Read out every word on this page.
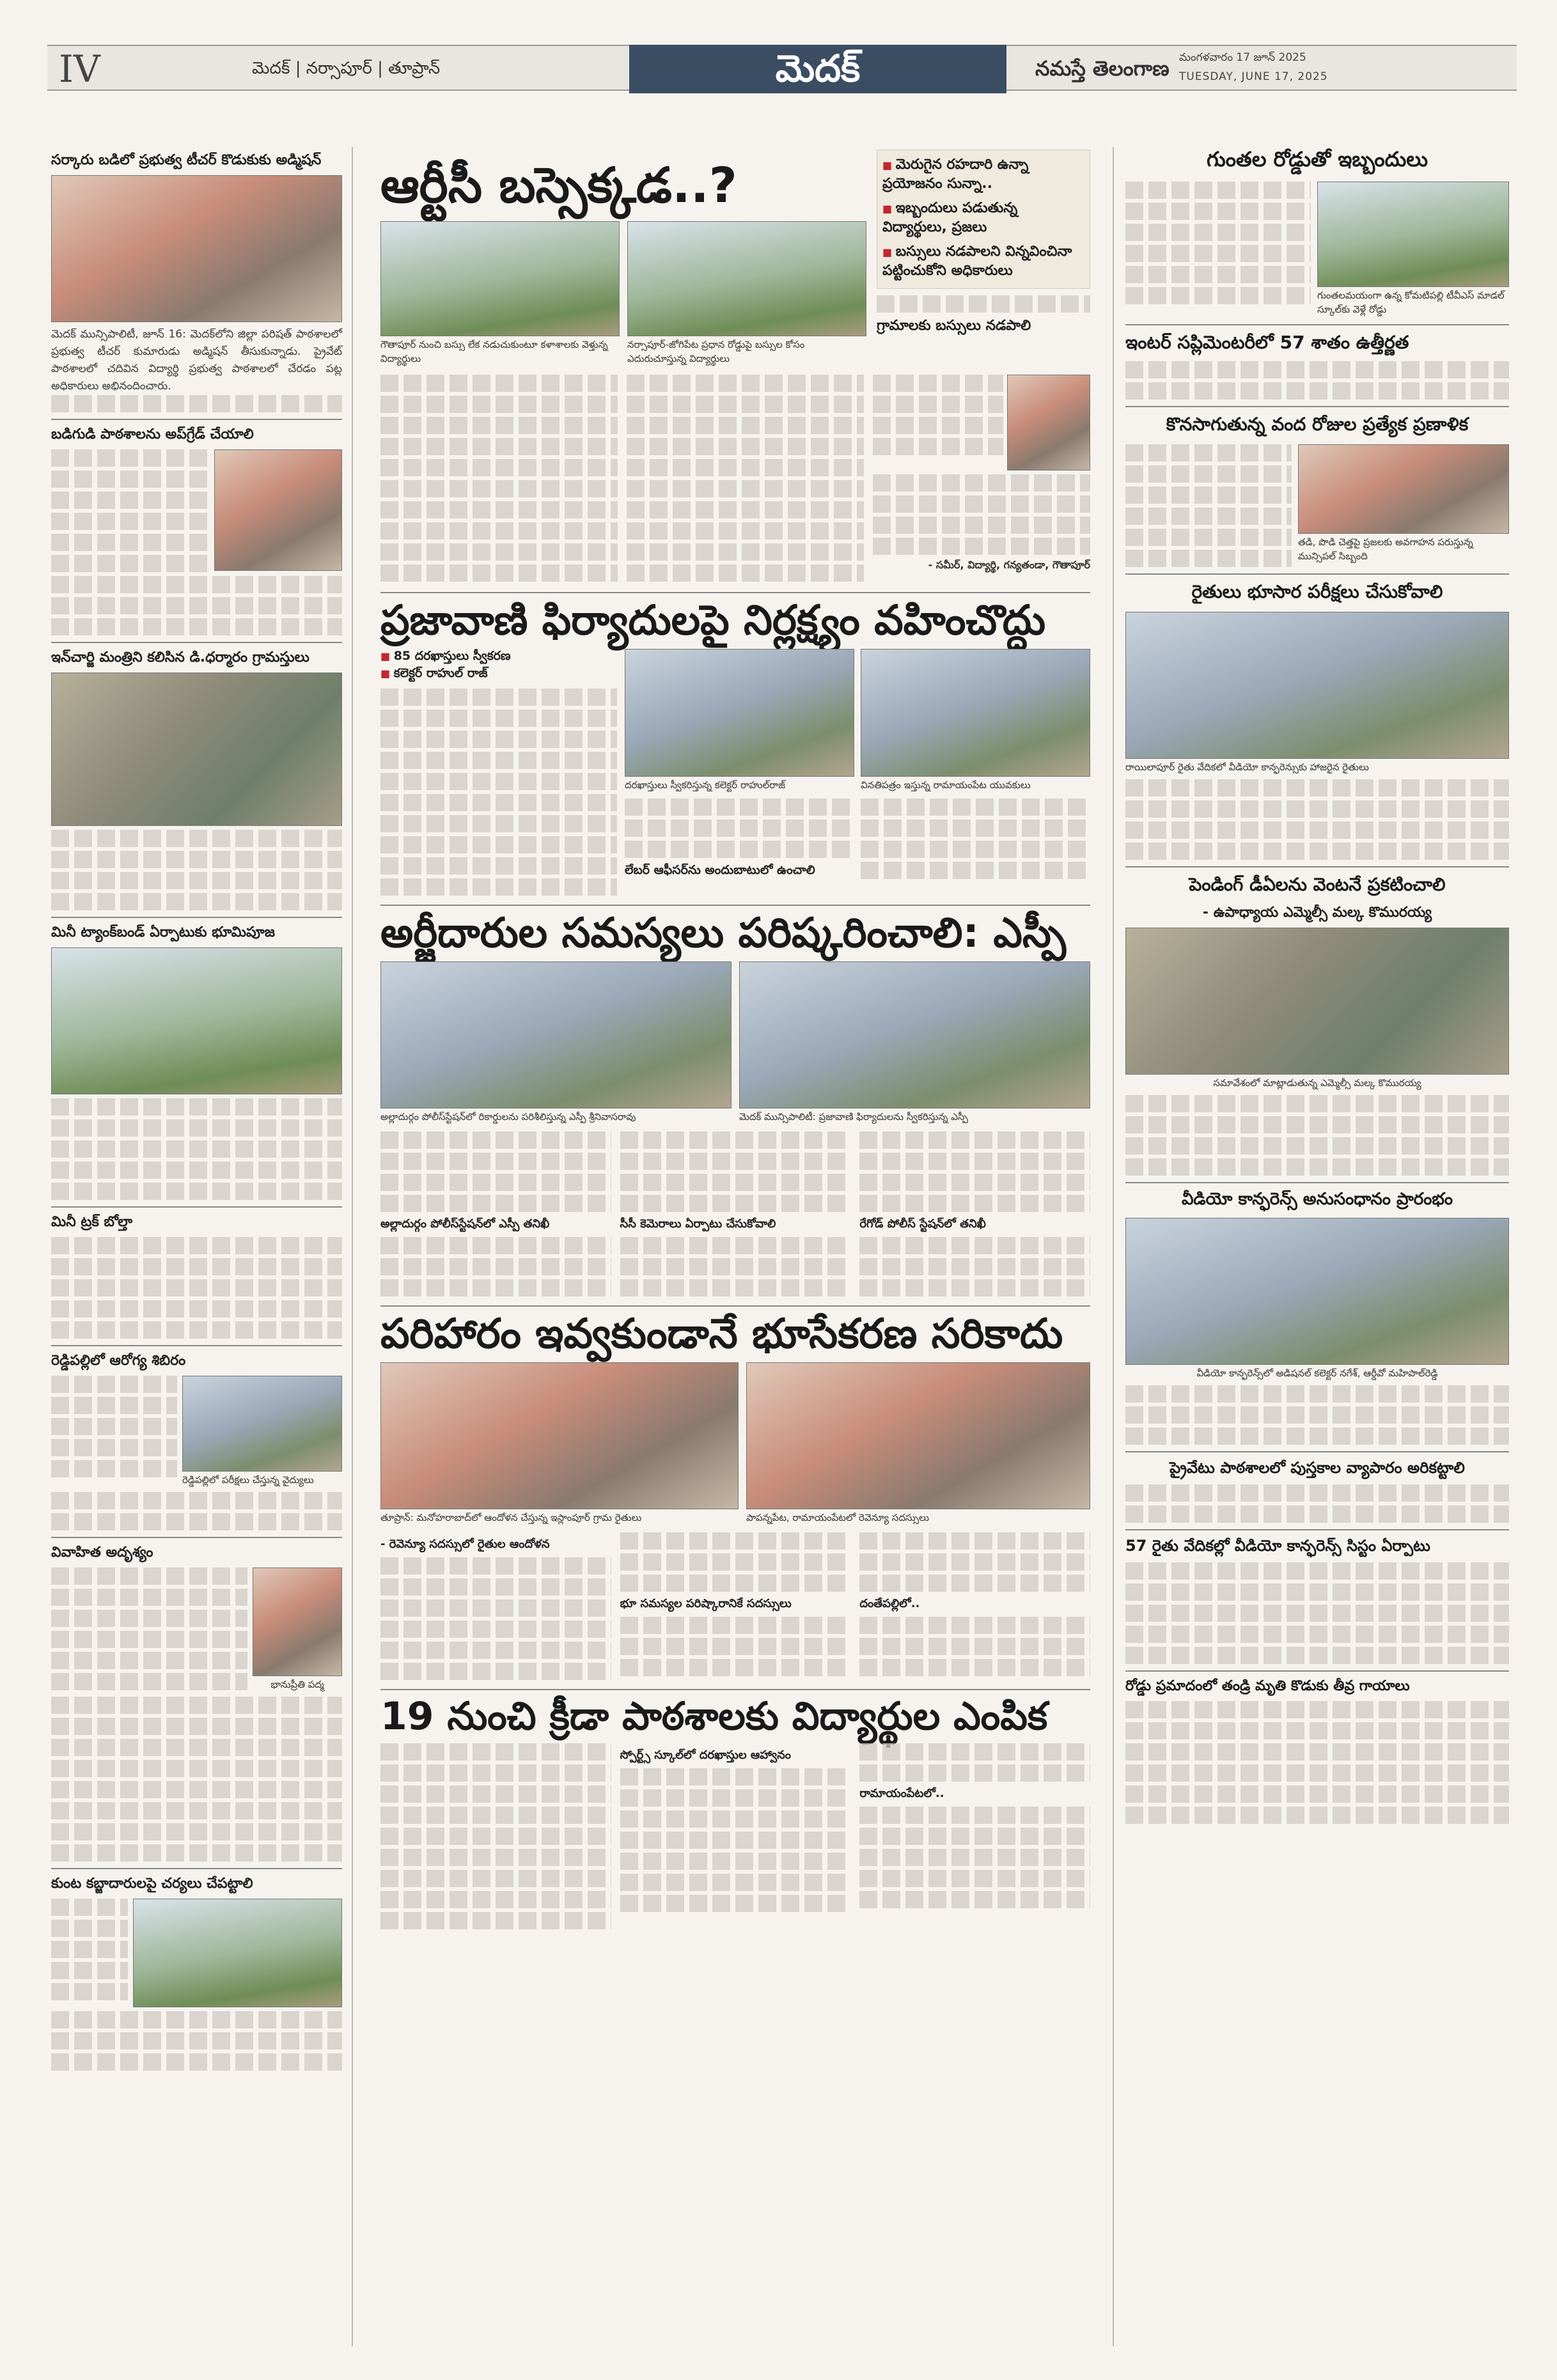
IV	మెదక్ | నర్సాపూర్ | తూప్రాన్	మెదక్	నమస్తే తెలంగాణ మంగళవారం 17 జూన్ 2025
TUESDAY, JUNE 17, 2025
సర్కారు బడిలో ప్రభుత్వ టీచర్ కొడుకుకు అడ్మిషన్
మెదక్ మున్సిపాలిటీ, జూన్ 16: మెదక్‌లోని జిల్లా పరిషత్ పాఠశాలలో ప్రభుత్వ టీచర్ కుమారుడు అడ్మిషన్ తీసుకున్నాడు. ప్రైవేట్ పాఠశాలలో చదివిన విద్యార్థి ప్రభుత్వ పాఠశాలలో చేరడం పట్ల అధికారులు అభినందించారు.
బడిగుడి పాఠశాలను అప్‌గ్రేడ్ చేయాలి
ఇన్‌చార్జి మంత్రిని కలిసిన డి.ధర్మారం గ్రామస్తులు
మినీ ట్యాంక్‌బండ్ ఏర్పాటుకు భూమిపూజ
మినీ ట్రక్ బోల్తా
రెడ్డిపల్లిలో ఆరోగ్య శిబిరం
రెడ్డిపల్లిలో పరీక్షలు చేస్తున్న వైద్యులు
వివాహిత అదృశ్యం
భానుప్రీతి పద్మ
కుంట కబ్జాదారులపై చర్యలు చేపట్టాలి
ఆర్టీసీ బస్సెక్కడ..?
గౌతాపూర్ నుంచి బస్సు లేక నడుచుకుంటూ కళాశాలకు వెళ్తున్న విద్యార్థులు
నర్సాపూర్-జోగిపేట ప్రధాన రోడ్డుపై బస్సుల కోసం ఎదురుచూస్తున్న విద్యార్థులు
■ మెరుగైన రహదారి ఉన్నా ప్రయోజనం సున్నా..
■ ఇబ్బందులు పడుతున్న విద్యార్థులు, ప్రజలు
■ బస్సులు నడపాలని విన్నవించినా పట్టించుకోని అధికారులు
గ్రామాలకు బస్సులు నడపాలి
- సమీర్, విద్యార్థి, గన్యతండా, గౌతాపూర్
ప్రజావాణి ఫిర్యాదులపై నిర్లక్ష్యం వహించొద్దు
■ 85 దరఖాస్తులు స్వీకరణ
■ కలెక్టర్ రాహుల్ రాజ్
దరఖాస్తులు స్వీకరిస్తున్న కలెక్టర్ రాహుల్‌రాజ్	వినతిపత్రం ఇస్తున్న రామాయంపేట యువకులు
లేబర్ ఆఫీసర్‌ను అందుబాటులో ఉంచాలి
అర్జీదారుల సమస్యలు పరిష్కరించాలి: ఎస్పీ
అల్లాదుర్గం పోలీస్‌స్టేషన్‌లో రికార్డులను పరిశీలిస్తున్న ఎస్పీ శ్రీనివాసరావు	మెదక్ మున్సిపాలిటీ: ప్రజావాణి ఫిర్యాదులను స్వీకరిస్తున్న ఎస్పీ
అల్లాదుర్గం పోలీస్‌స్టేషన్‌లో ఎస్పీ తనిఖీ	సీసీ కెమెరాలు ఏర్పాటు చేసుకోవాలి	రేగోడ్ పోలీస్ స్టేషన్‌లో తనిఖీ
పరిహారం ఇవ్వకుండానే భూసేకరణ సరికాదు
తూప్రాన్: మనోహరాబాద్‌లో ఆందోళన చేస్తున్న ఇస్లాంపూర్ గ్రామ రైతులు	పాపన్నపేట, రామాయంపేటలో రెవెన్యూ సదస్సులు
- రెవెన్యూ సదస్సులో రైతుల ఆందోళన
భూ సమస్యల పరిష్కారానికే సదస్సులు	దంతేపల్లిలో..
19 నుంచి క్రీడా పాఠశాలకు విద్యార్థుల ఎంపిక
స్పోర్ట్స్ స్కూల్‌లో దరఖాస్తుల ఆహ్వానం
రామాయంపేటలో..
గుంతల రోడ్డుతో ఇబ్బందులు
గుంతలమయంగా ఉన్న కోమటిపల్లి టీవీఎస్ మాడల్ స్కూల్‌కు వెళ్లే రోడ్డు
ఇంటర్ సప్లిమెంటరీలో 57 శాతం ఉత్తీర్ణత
కొనసాగుతున్న వంద రోజుల ప్రత్యేక ప్రణాళిక
తడి, పొడి చెత్తపై ప్రజలకు అవగాహన పరుస్తున్న మున్సిపల్ సిబ్బంది
రైతులు భూసార పరీక్షలు చేసుకోవాలి
రాయిలాపూర్ రైతు వేదికలో వీడియో కాన్ఫరెన్సుకు హాజరైన రైతులు
పెండింగ్ డీఏలను వెంటనే ప్రకటించాలి
- ఉపాధ్యాయ ఎమ్మెల్సీ మల్క కొమురయ్య
సమావేశంలో మాట్లాడుతున్న ఎమ్మెల్సీ మల్క కొమురయ్య
వీడియో కాన్ఫరెన్స్ అనుసంధానం ప్రారంభం
వీడియో కాన్ఫరెన్స్‌లో అడిషనల్ కలెక్టర్ నగేశ్, ఆర్డీవో మహిపాల్‌రెడ్డి
ప్రైవేటు పాఠశాలలో పుస్తకాల వ్యాపారం అరికట్టాలి
57 రైతు వేదికల్లో వీడియో కాన్ఫరెన్స్ సిస్టం ఏర్పాటు
రోడ్డు ప్రమాదంలో తండ్రి మృతి కొడుకు తీవ్ర గాయాలు
